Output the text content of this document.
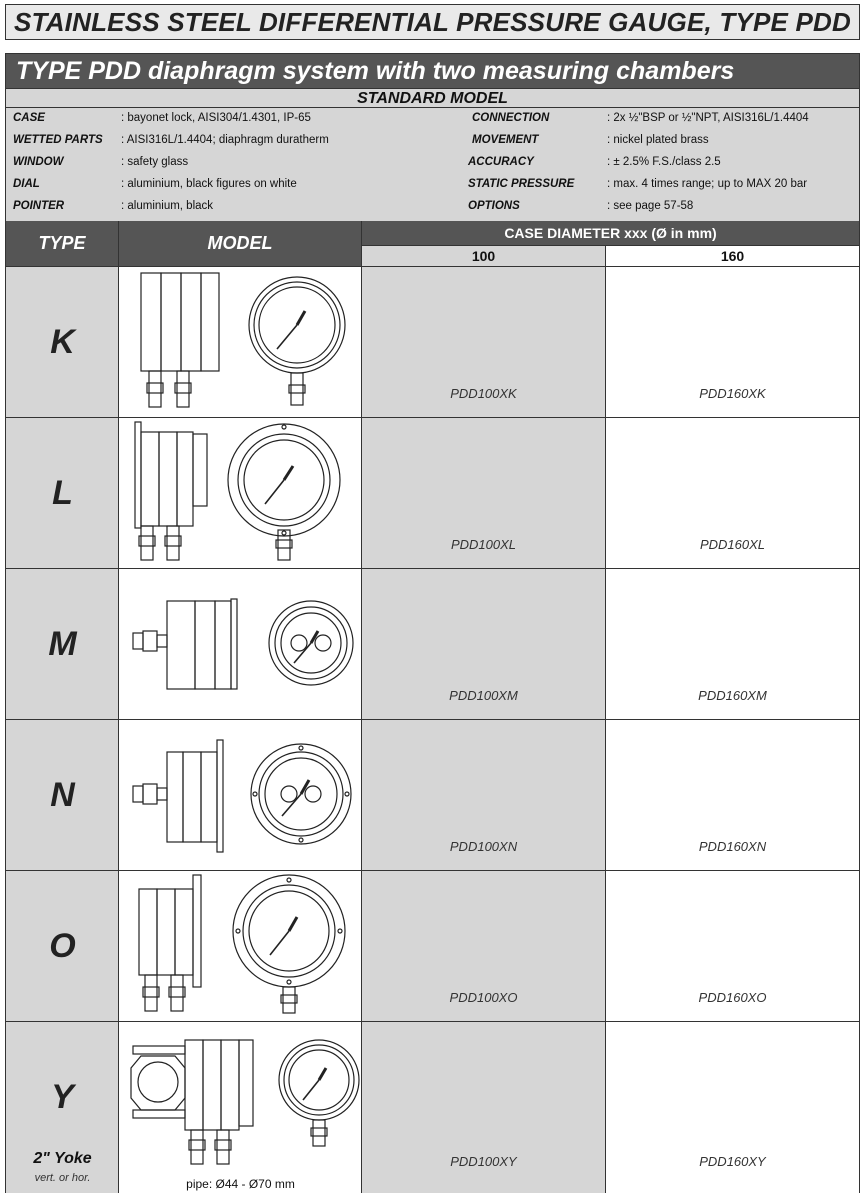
STAINLESS STEEL DIFFERENTIAL PRESSURE GAUGE, TYPE PDD
TYPE PDD diaphragm system with two measuring chambers
STANDARD MODEL
CASE	: bayonet lock, AISI304/1.4301, IP-65
WETTED PARTS : AISI316L/1.4404; diaphragm duratherm
WINDOW	: safety glass
DIAL	: aluminium, black figures on white
POINTER	: aluminium, black
CONNECTION	: 2x ½"BSP or ½"NPT, AISI316L/1.4404
MOVEMENT	: nickel plated brass
ACCURACY	: ± 2.5% F.S./class 2.5
STATIC PRESSURE	: max. 4 times range; up to MAX 20 bar
OPTIONS	: see page 57-58
TYPE	MODEL	CASE DIAMETER xxx (Ø in mm)
100	160
K
PDD100XK	PDD160XK
L
PDD100XL	PDD160XL
M
PDD100XM	PDD160XM
N
PDD100XN	PDD160XN
O
PDD100XO	PDD160XO
Y
2" Yoke
vert. or hor.	pipe: Ø44 - Ø70 mm
PDD100XY	PDD160XY
